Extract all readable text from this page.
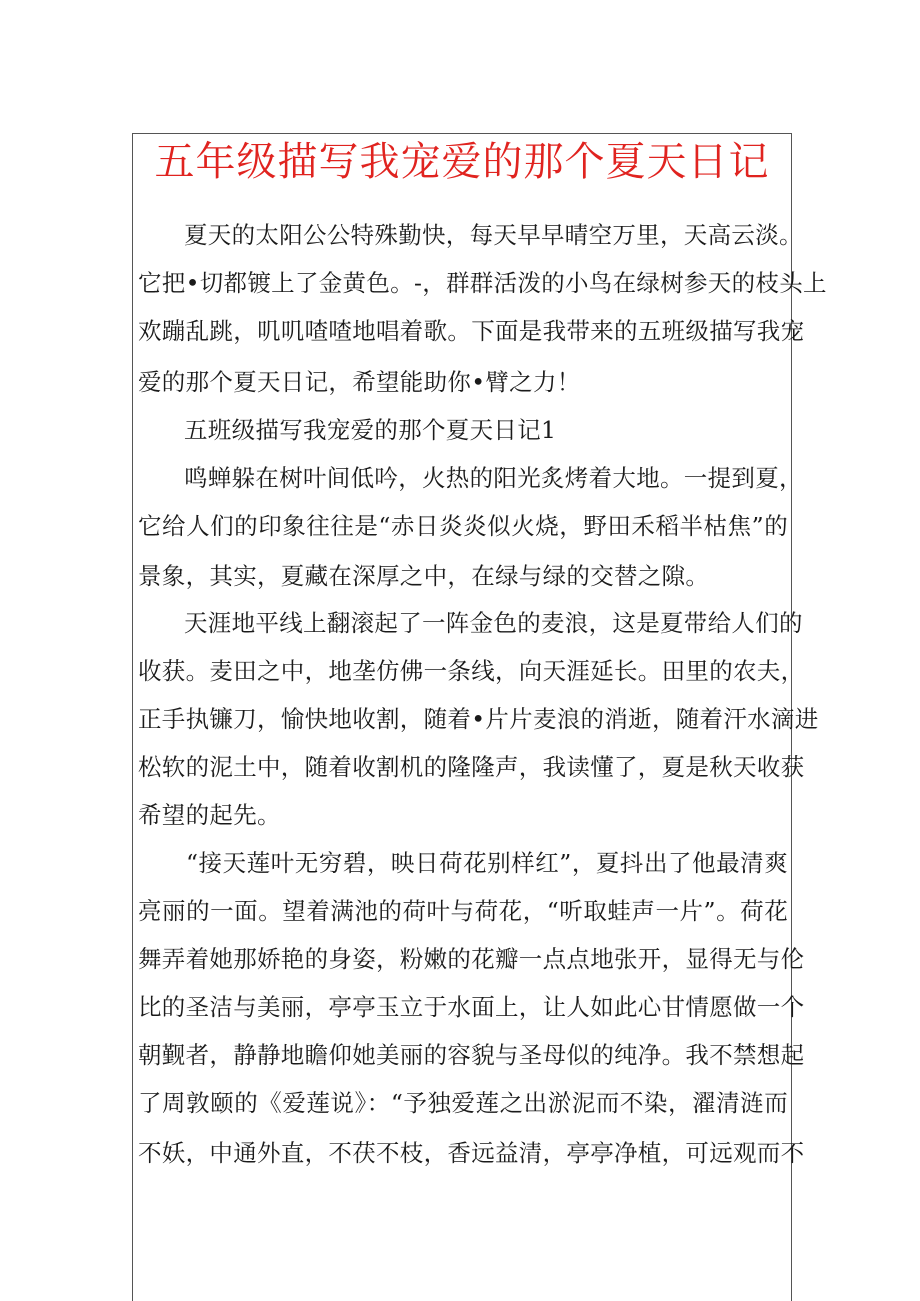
五年级描写我宠爱的那个夏天日记
夏天的太阳公公特殊勤快，每天早早晴空万里，天高云淡。
它把•切都镀上了金黄色。-，群群活泼的小鸟在绿树参天的枝头上
欢蹦乱跳，叽叽喳喳地唱着歌。下面是我带来的五班级描写我宠
爱的那个夏天日记，希望能助你•臂之力！
五班级描写我宠爱的那个夏天日记1
鸣蝉躲在树叶间低吟，火热的阳光炙烤着大地。一提到夏，
它给人们的印象往往是“赤日炎炎似火烧，野田禾稻半枯焦”的
景象，其实，夏藏在深厚之中，在绿与绿的交替之隙。
天涯地平线上翻滚起了一阵金色的麦浪，这是夏带给人们的
收获。麦田之中，地垄仿佛一条线，向天涯延长。田里的农夫，
正手执镰刀，愉快地收割，随着•片片麦浪的消逝，随着汗水滴进
松软的泥土中，随着收割机的隆隆声，我读懂了，夏是秋天收获
希望的起先。
“接天莲叶无穷碧，映日荷花别样红”，夏抖出了他最清爽
亮丽的一面。望着满池的荷叶与荷花，“听取蛙声一片”。荷花
舞弄着她那娇艳的身姿，粉嫩的花瓣一点点地张开，显得无与伦
比的圣洁与美丽，亭亭玉立于水面上，让人如此心甘情愿做一个
朝觐者，静静地瞻仰她美丽的容貌与圣母似的纯净。我不禁想起
了周敦颐的《爱莲说》：“予独爱莲之出淤泥而不染，濯清涟而
不妖，中通外直，不茯不枝，香远益清，亭亭净植，可远观而不
